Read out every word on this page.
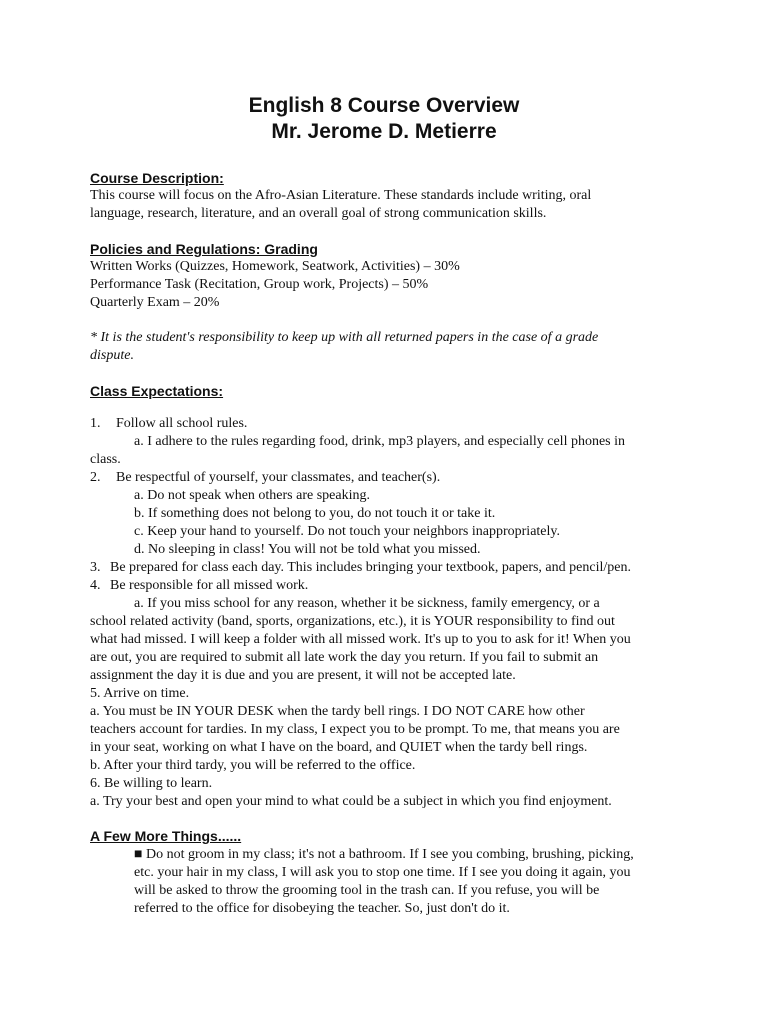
English 8 Course Overview
Mr. Jerome D. Metierre
Course Description:

This course will focus on the Afro-Asian Literature. These standards include writing, oral

language, research, literature, and an overall goal of strong communication skills.

Policies and Regulations: Grading

Written Works (Quizzes, Homework, Seatwork, Activities) – 30%

Performance Task (Recitation, Group work, Projects) – 50%

Quarterly Exam – 20%

* It is the student's responsibility to keep up with all returned papers in the case of a grade

dispute.

Class Expectations:

1. Follow all school rules.

a. I adhere to the rules regarding food, drink, mp3 players, and especially cell phones in

class.

2. Be respectful of yourself, your classmates, and teacher(s).

a. Do not speak when others are speaking.

b. If something does not belong to you, do not touch it or take it.

c. Keep your hand to yourself. Do not touch your neighbors inappropriately.

d. No sleeping in class! You will not be told what you missed.

3. Be prepared for class each day. This includes bringing your textbook, papers, and pencil/pen.

4. Be responsible for all missed work.

a. If you miss school for any reason, whether it be sickness, family emergency, or a

school related activity (band, sports, organizations, etc.), it is YOUR responsibility to find out

what had missed. I will keep a folder with all missed work. It's up to you to ask for it! When you

are out, you are required to submit all late work the day you return. If you fail to submit an

assignment the day it is due and you are present, it will not be accepted late.

5. Arrive on time.

a. You must be IN YOUR DESK when the tardy bell rings. I DO NOT CARE how other

teachers account for tardies. In my class, I expect you to be prompt. To me, that means you are

in your seat, working on what I have on the board, and QUIET when the tardy bell rings.

b. After your third tardy, you will be referred to the office.

6. Be willing to learn.

a. Try your best and open your mind to what could be a subject in which you find enjoyment.

A Few More Things......

■ Do not groom in my class; it's not a bathroom. If I see you combing, brushing, picking,

etc. your hair in my class, I will ask you to stop one time. If I see you doing it again, you

will be asked to throw the grooming tool in the trash can. If you refuse, you will be

referred to the office for disobeying the teacher. So, just don't do it.
